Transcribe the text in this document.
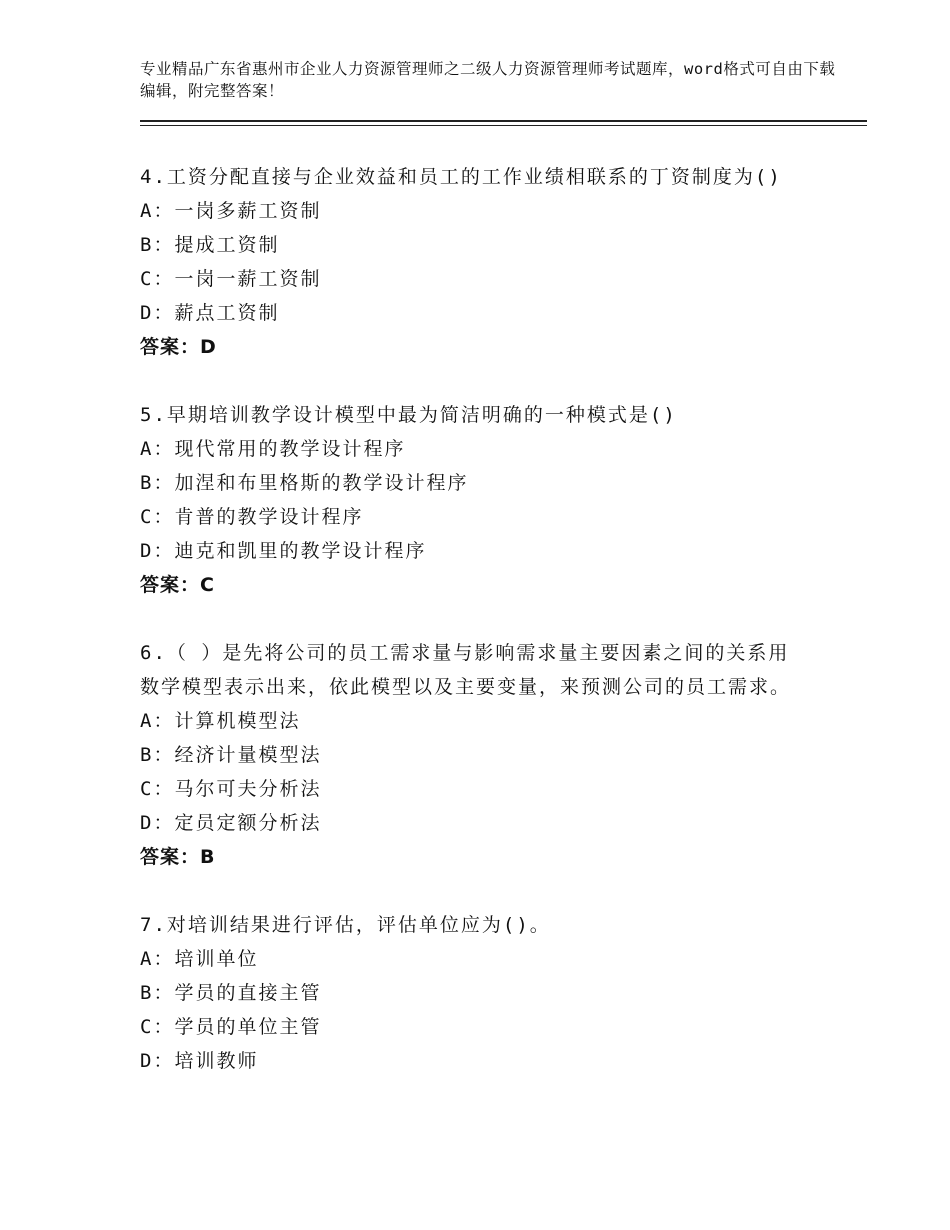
专业精品广东省惠州市企业人力资源管理师之二级人力资源管理师考试题库，word格式可自由下载编辑，附完整答案！
4.工资分配直接与企业效益和员工的工作业绩相联系的丁资制度为()
A：一岗多薪工资制
B：提成工资制
C：一岗一薪工资制
D：薪点工资制
答案：D
5.早期培训教学设计模型中最为简洁明确的一种模式是()
A：现代常用的教学设计程序
B：加涅和布里格斯的教学设计程序
C：肯普的教学设计程序
D：迪克和凯里的教学设计程序
答案：C
6.（ ）是先将公司的员工需求量与影响需求量主要因素之间的关系用数学模型表示出来，依此模型以及主要变量，来预测公司的员工需求。
A：计算机模型法
B：经济计量模型法
C：马尔可夫分析法
D：定员定额分析法
答案：B
7.对培训结果进行评估，评估单位应为()。
A：培训单位
B：学员的直接主管
C：学员的单位主管
D：培训教师
